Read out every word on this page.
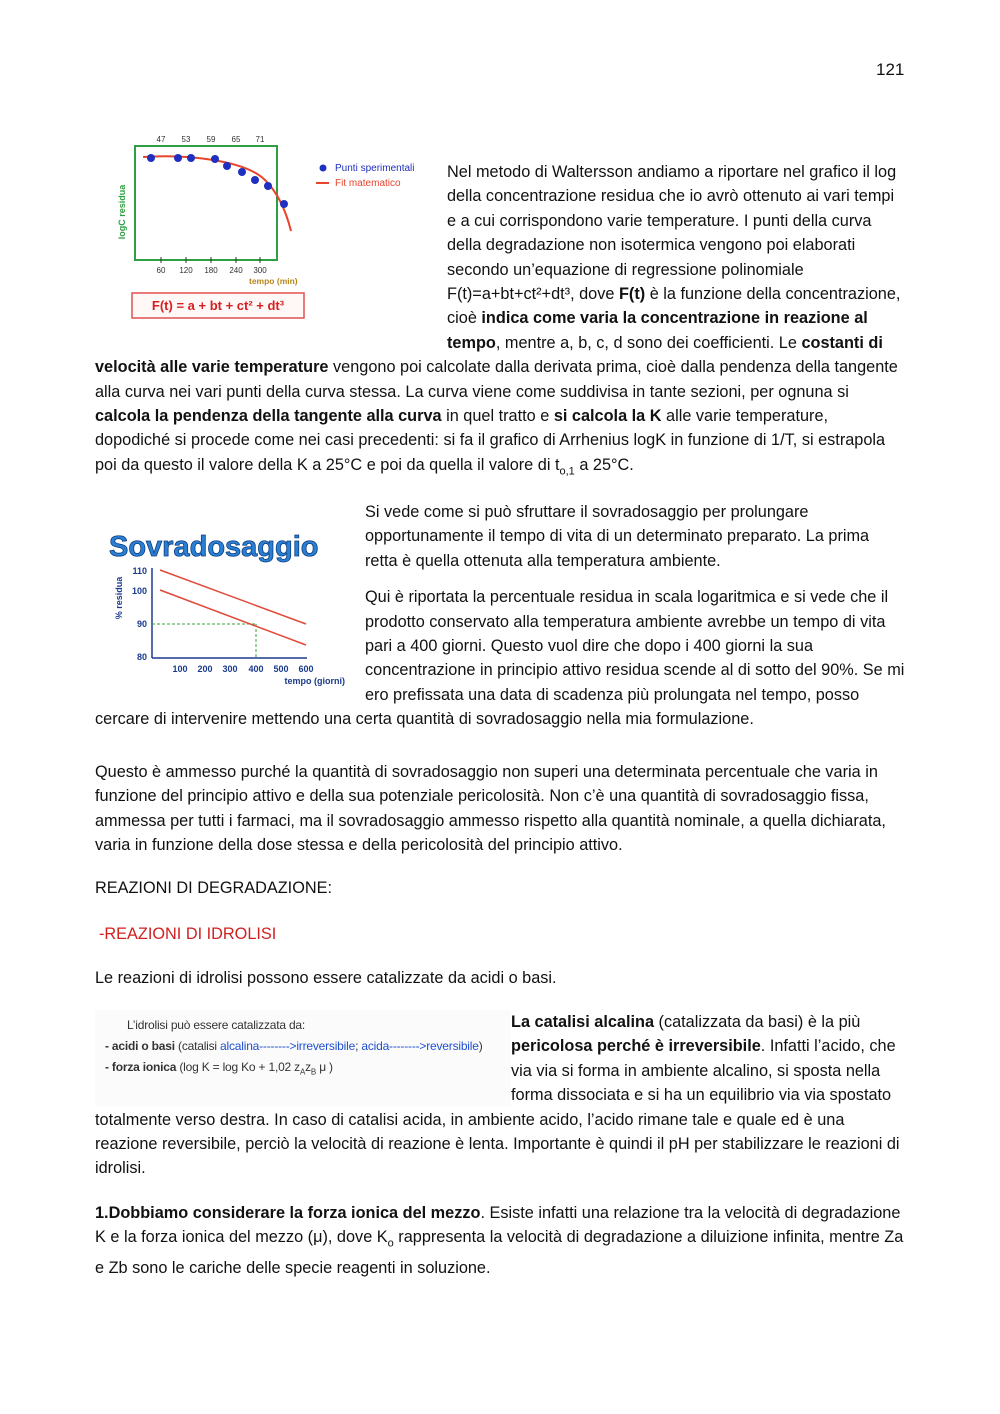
121
47 53 59 65 71
60 120 180 240 300
tempo (min)
logC residua
Punti sperimentali
Fit matematico
F(t) = a + bt + ct² + dt³
Nel metodo di Waltersson andiamo a riportare nel grafico il log della concentrazione residua che io avrò ottenuto ai vari tempi e a cui corrispondono varie temperature. I punti della curva della degradazione non isotermica vengono poi elaborati secondo un’equazione di regressione polinomiale F(t)=a+bt+ct²+dt³, dove F(t) è la funzione della concentrazione, cioè indica come varia la concentrazione in reazione al tempo, mentre a, b, c, d sono dei coefficienti. Le costanti di velocità alle varie temperature vengono poi calcolate dalla derivata prima, cioè dalla pendenza della tangente alla curva nei vari punti della curva stessa. La curva viene come suddivisa in tante sezioni, per ognuna si calcola la pendenza della tangente alla curva in quel tratto e si calcola la K alle varie temperature, dopodiché si procede come nei casi precedenti: si fa il grafico di Arrhenius logK in funzione di 1/T, si estrapola poi da questo il valore della K a 25°C e poi da quella il valore di $t_{o,1}$ a 25°C.
Sovradosaggio
% residua
110
100
90
80
100 200 300 400 500 600
tempo (giorni)

Si vede come si può sfruttare il sovradosaggio per prolungare opportunamente il tempo di vita di un determinato preparato. La prima retta è quella ottenuta alla temperatura ambiente.

Qui è riportata la percentuale residua in scala logaritmica e si vede che il prodotto conservato alla temperatura ambiente avrebbe un tempo di vita pari a 400 giorni. Questo vuol dire che dopo i 400 giorni la sua concentrazione in principio attivo residua scende al di sotto del 90%. Se mi ero prefissata una data di scadenza più prolungata nel tempo, posso cercare di intervenire mettendo una certa quantità di sovradosaggio nella mia formulazione.

Questo è ammesso purché la quantità di sovradosaggio non superi una determinata percentuale che varia in funzione del principio attivo e della sua potenziale pericolosità. Non c’è una quantità di sovradosaggio fissa, ammessa per tutti i farmaci, ma il sovradosaggio ammesso rispetto alla quantità nominale, a quella dichiarata, varia in funzione della dose stessa e della pericolosità del principio attivo.

REAZIONI DI DEGRADAZIONE:

-REAZIONI DI IDROLISI

Le reazioni di idrolisi possono essere catalizzate da acidi o basi.

L’idrolisi può essere catalizzata da:
- acidi o basi (catalisi alcalina-------->irreversibile; acida-------->reversibile)
- forza ionica (log K = log Ko + 1,02 $z_Az_B$ μ )
La catalisi alcalina (catalizzata da basi) è la più pericolosa perché è irreversibile. Infatti l’acido, che via via si forma in ambiente alcalino, si sposta nella forma dissociata e si ha un equilibrio via via spostato totalmente verso destra. In caso di catalisi acida, in ambiente acido, l’acido rimane tale e quale ed è una reazione reversibile, perciò la velocità di reazione è lenta. Importante è quindi il pH per stabilizzare le reazioni di idrolisi.

1.Dobbiamo considerare la forza ionica del mezzo. Esiste infatti una relazione tra la velocità di degradazione K e la forza ionica del mezzo (μ), dove $K_o$ rappresenta la velocità di degradazione a diluizione infinita, mentre Za e Zb sono le cariche delle specie reagenti in soluzione.
